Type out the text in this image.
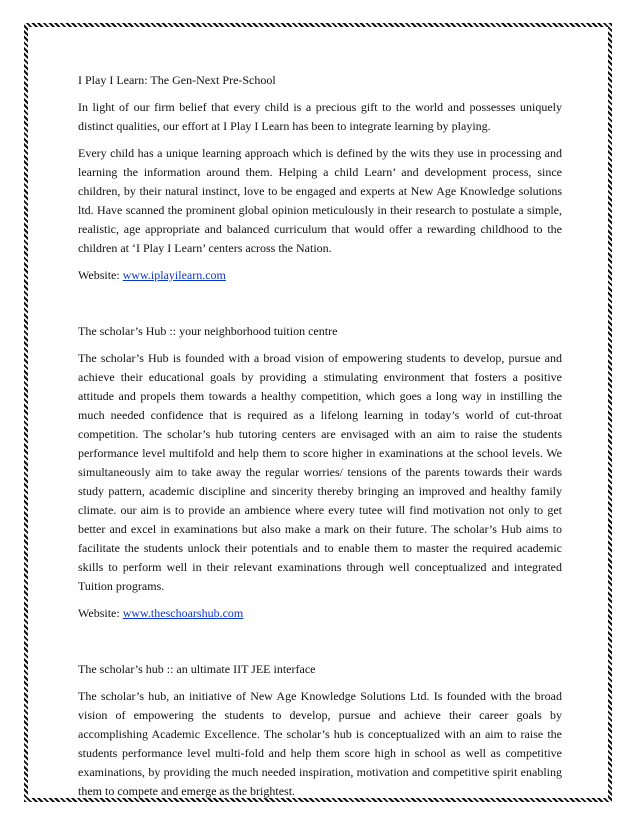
I Play I Learn: The Gen-Next Pre-School

In light of our firm belief that every child is a precious gift to the world and possesses uniquely distinct qualities, our effort at I Play I Learn has been to integrate learning by playing.

Every child has a unique learning approach which is defined by the wits they use in processing and learning the information around them. Helping a child Learn’ and development process, since children, by their natural instinct, love to be engaged and experts at New Age Knowledge solutions ltd. Have scanned the prominent global opinion meticulously in their research to postulate a simple, realistic, age appropriate and balanced curriculum that would offer a rewarding childhood to the children at ‘I Play I Learn’ centers across the Nation.

Website: www.iplayilearn.com

The scholar’s Hub :: your neighborhood tuition centre

The scholar’s Hub is founded with a broad vision of empowering students to develop, pursue and achieve their educational goals by providing a stimulating environment that fosters a positive attitude and propels them towards a healthy competition, which goes a long way in instilling the much needed confidence that is required as a lifelong learning in today’s world of cut-throat competition. The scholar’s hub tutoring centers are envisaged with an aim to raise the students performance level multifold and help them to score higher in examinations at the school levels. We simultaneously aim to take away the regular worries/ tensions of the parents towards their wards study pattern, academic discipline and sincerity thereby bringing an improved and healthy family climate. our aim is to provide an ambience where every tutee will find motivation not only to get better and excel in examinations but also make a mark on their future. The scholar’s Hub aims to facilitate the students unlock their potentials and to enable them to master the required academic skills to perform well in their relevant examinations through well conceptualized and integrated Tuition programs.

Website: www.theschoarshub.com

The scholar’s hub :: an ultimate IIT JEE interface

The scholar’s hub, an initiative of New Age Knowledge Solutions Ltd. Is founded with the broad vision of empowering the students to develop, pursue and achieve their career goals by accomplishing Academic Excellence. The scholar’s hub is conceptualized with an aim to raise the students performance level multi-fold and help them score high in school as well as competitive examinations, by providing the much needed inspiration, motivation and competitive spirit enabling them to compete and emerge as the brightest.
